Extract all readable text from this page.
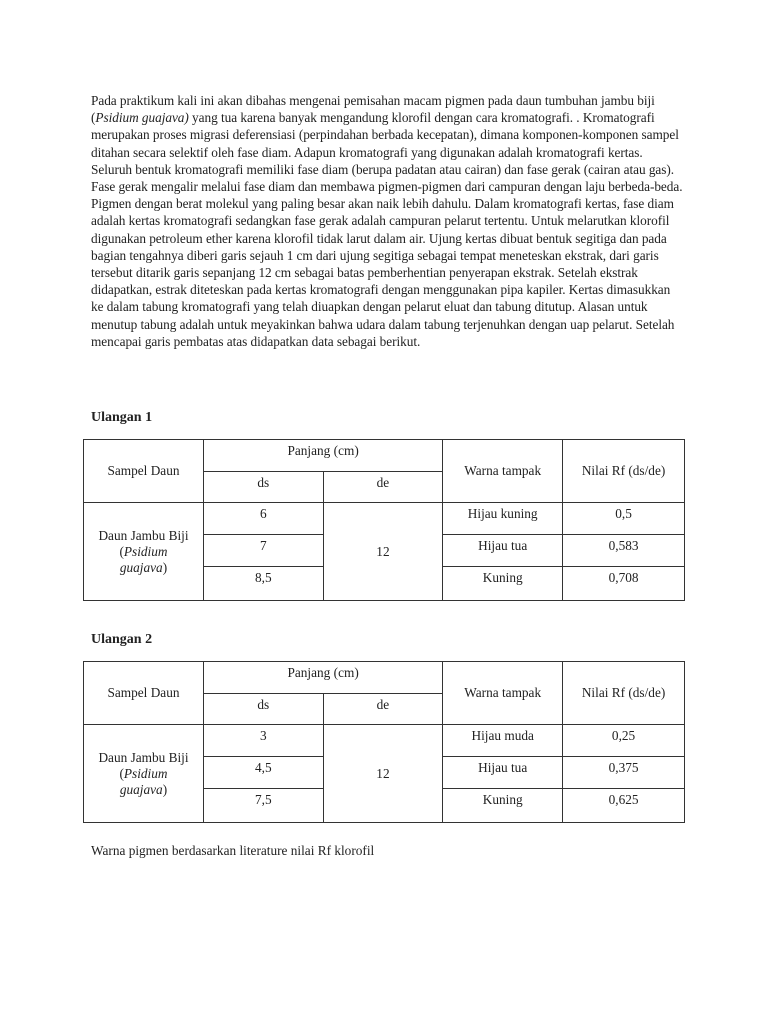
Pada praktikum kali ini akan dibahas mengenai pemisahan macam pigmen pada daun tumbuhan jambu biji (Psidium guajava) yang tua karena banyak mengandung klorofil dengan cara kromatografi. . Kromatografi merupakan proses migrasi deferensiasi (perpindahan berbada kecepatan), dimana komponen-komponen sampel ditahan secara selektif oleh fase diam. Adapun kromatografi yang digunakan adalah kromatografi kertas. Seluruh bentuk kromatografi memiliki fase diam (berupa padatan atau cairan) dan fase gerak (cairan atau gas). Fase gerak mengalir melalui fase diam dan membawa pigmen-pigmen dari campuran dengan laju berbeda-beda. Pigmen dengan berat molekul yang paling besar akan naik lebih dahulu. Dalam kromatografi kertas, fase diam adalah kertas kromatografi sedangkan fase gerak adalah campuran pelarut tertentu. Untuk melarutkan klorofil digunakan petroleum ether karena klorofil tidak larut dalam air. Ujung kertas dibuat bentuk segitiga dan pada bagian tengahnya diberi garis sejauh 1 cm dari ujung segitiga sebagai tempat meneteskan ekstrak, dari garis tersebut ditarik garis sepanjang 12 cm sebagai batas pemberhentian penyerapan ekstrak. Setelah ekstrak didapatkan, estrak diteteskan pada kertas kromatografi dengan menggunakan pipa kapiler. Kertas dimasukkan ke dalam tabung kromatografi yang telah diuapkan dengan pelarut eluat dan tabung ditutup. Alasan untuk menutup tabung adalah untuk meyakinkan bahwa udara dalam tabung terjenuhkan dengan uap pelarut. Setelah mencapai garis pembatas atas didapatkan data sebagai berikut.

Ulangan 1

Sampel Daun	Panjang (cm)		Warna tampak	Nilai Rf (ds/de)
	ds	de		
Daun Jambu Biji
(Psidium
guajava)	6	12	Hijau kuning	0,5
	7		Hijau tua	0,583
	8,5		Kuning	0,708

Ulangan 2

Sampel Daun	Panjang (cm)		Warna tampak	Nilai Rf (ds/de)
	ds	de		
Daun Jambu Biji
(Psidium
guajava)	3	12	Hijau muda	0,25
	4,5		Hijau tua	0,375
	7,5		Kuning	0,625

Warna pigmen berdasarkan literature nilai Rf klorofil
